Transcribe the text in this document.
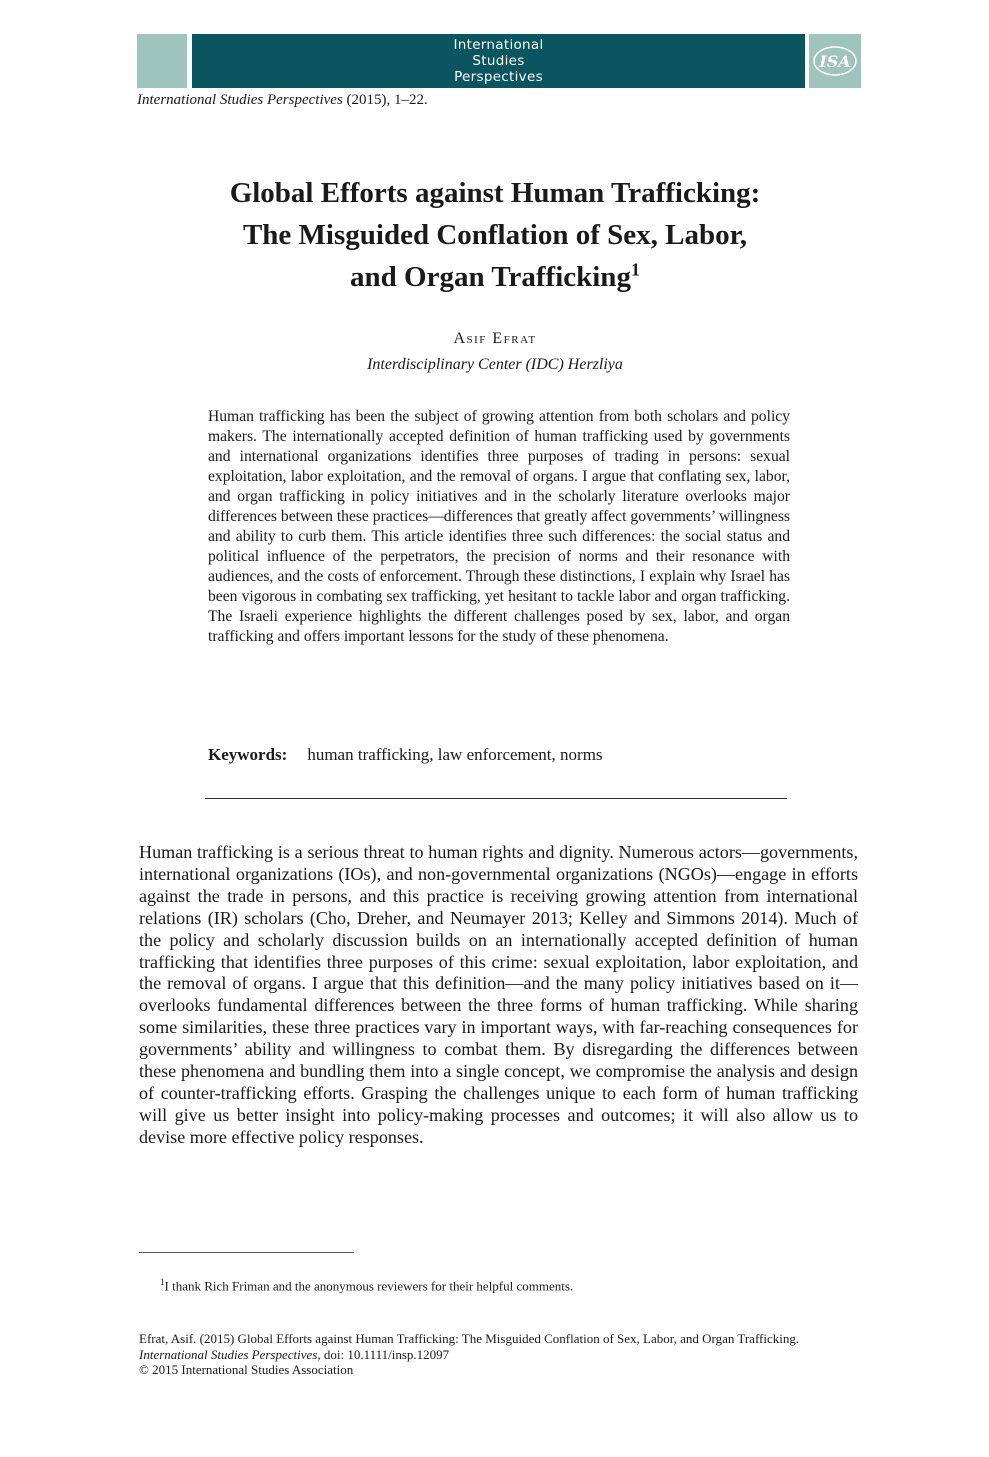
International
Studies
Perspectives
ISA
International Studies Perspectives (2015), 1–22.
Global Efforts against Human Trafficking:
The Misguided Conflation of Sex, Labor,
and Organ Trafficking$^1$
Asif Efrat
Interdisciplinary Center (IDC) Herzliya
Human trafficking has been the subject of growing attention from both scholars and policy makers. The internationally accepted definition of human trafficking used by governments and international organizations identifies three purposes of trading in persons: sexual exploitation, labor exploitation, and the removal of organs. I argue that conflating sex, labor, and organ trafficking in policy initiatives and in the scholarly literature overlooks major differences between these practices—differences that greatly affect governments’ willingness and ability to curb them. This article identifies three such differences: the social status and political influence of the perpetrators, the precision of norms and their resonance with audiences, and the costs of enforcement. Through these distinctions, I explain why Israel has been vigorous in combating sex trafficking, yet hesitant to tackle labor and organ trafficking. The Israeli experience highlights the different challenges posed by sex, labor, and organ trafficking and offers important lessons for the study of these phenomena.
Keywords: human trafficking, law enforcement, norms
Human trafficking is a serious threat to human rights and dignity. Numerous actors—governments, international organizations (IOs), and non-governmental organizations (NGOs)—engage in efforts against the trade in persons, and this practice is receiving growing attention from international relations (IR) scholars (Cho, Dreher, and Neumayer 2013; Kelley and Simmons 2014). Much of the policy and scholarly discussion builds on an internationally accepted definition of human trafficking that identifies three purposes of this crime: sexual exploitation, labor exploitation, and the removal of organs. I argue that this definition—and the many policy initiatives based on it—overlooks fundamental differences between the three forms of human trafficking. While sharing some similarities, these three practices vary in important ways, with far-reaching consequences for governments’ ability and willingness to combat them. By disregarding the differences between these phenomena and bundling them into a single concept, we compromise the analysis and design of counter-trafficking efforts. Grasping the challenges unique to each form of human trafficking will give us better insight into policy-making processes and outcomes; it will also allow us to devise more effective policy responses.
$^1$I thank Rich Friman and the anonymous reviewers for their helpful comments.
Efrat, Asif. (2015) Global Efforts against Human Trafficking: The Misguided Conflation of Sex, Labor, and Organ Trafficking. International Studies Perspectives, doi: 10.1111/insp.12097
© 2015 International Studies Association
